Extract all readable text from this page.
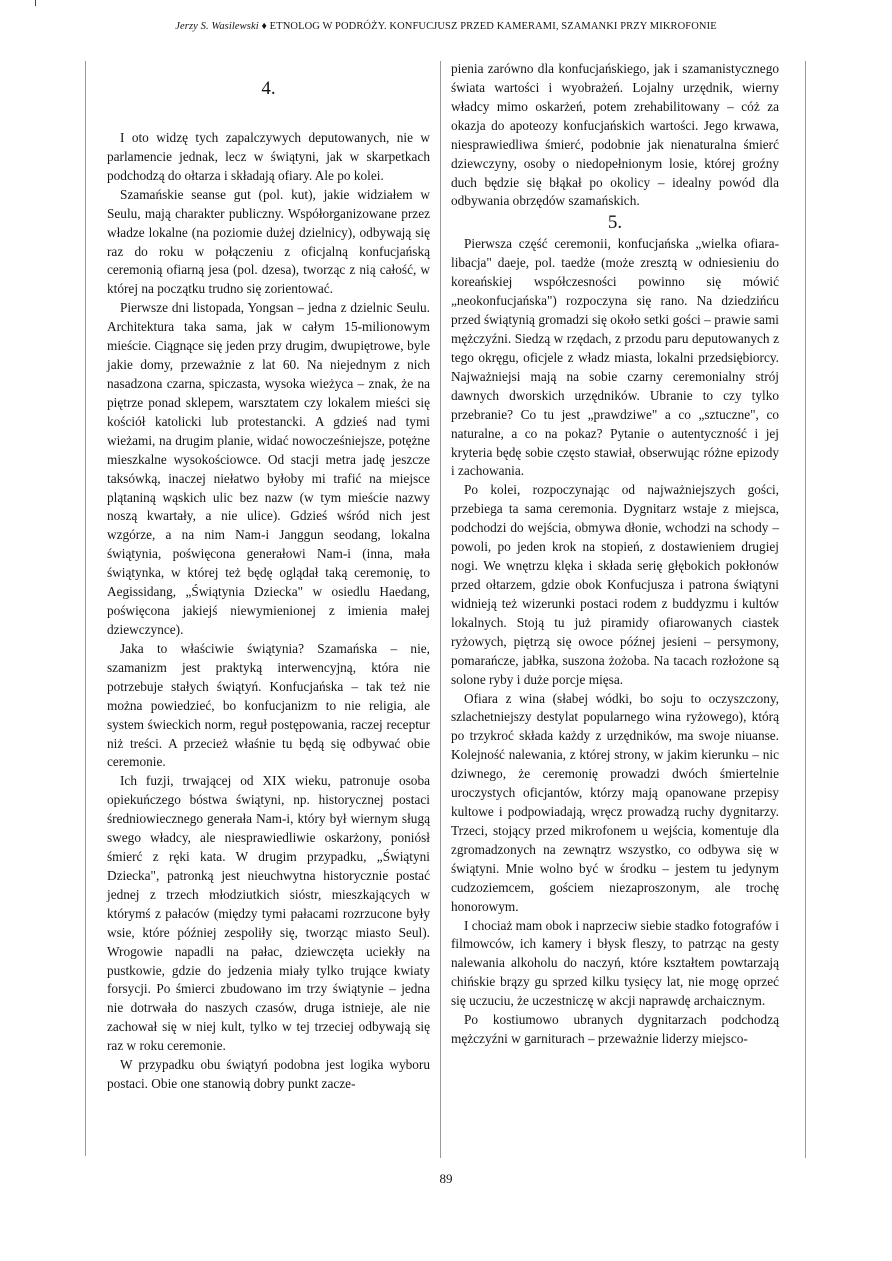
Jerzy S. Wasilewski ♦ ETNOLOG W PODRÓŻY. KONFUCJUSZ PRZED KAMERAMI, SZAMANKI PRZY MIKROFONIE

4.

I oto widzę tych zapalczywych deputowanych, nie w parlamencie jednak, lecz w świątyni, jak w skarpetkach podchodzą do ołtarza i składają ofiary. Ale po kolei.

Szamańskie seanse gut (pol. kut), jakie widziałem w Seulu, mają charakter publiczny. Współorganizowane przez władze lokalne (na poziomie dużej dzielnicy), odbywają się raz do roku w połączeniu z oficjalną konfucjańską ceremonią ofiarną jesa (pol. dzesa), tworząc z nią całość, w której na początku trudno się zorientować.

Pierwsze dni listopada, Yongsan – jedna z dzielnic Seulu. Architektura taka sama, jak w całym 15-milionowym mieście. Ciągnące się jeden przy drugim, dwupiętrowe, byle jakie domy, przeważnie z lat 60. Na niejednym z nich nasadzona czarna, spiczasta, wysoka wieżyca – znak, że na piętrze ponad sklepem, warsztatem czy lokalem mieści się kościół katolicki lub protestancki. A gdzieś nad tymi wieżami, na drugim planie, widać nowocześniejsze, potężne mieszkalne wysokościowce. Od stacji metra jadę jeszcze taksówką, inaczej niełatwo byłoby mi trafić na miejsce plątaniną wąskich ulic bez nazw (w tym mieście nazwy noszą kwartały, a nie ulice). Gdzieś wśród nich jest wzgórze, a na nim Nam-i Janggun seodang, lokalna świątynia, poświęcona generałowi Nam-i (inna, mała świątynka, w której też będę oglądał taką ceremonię, to Aegissidang, „Świątynia Dziecka" w osiedlu Haedang, poświęcona jakiejś niewymienionej z imienia małej dziewczynce).

Jaka to właściwie świątynia? Szamańska – nie, szamanizm jest praktyką interwencyjną, która nie potrzebuje stałych świątyń. Konfucjańska – tak też nie można powiedzieć, bo konfucjanizm to nie religia, ale system świeckich norm, reguł postępowania, raczej receptur niż treści. A przecież właśnie tu będą się odbywać obie ceremonie.

Ich fuzji, trwającej od XIX wieku, patronuje osoba opiekuńczego bóstwa świątyni, np. historycznej postaci średniowiecznego generała Nam-i, który był wiernym sługą swego władcy, ale niesprawiedliwie oskarżony, poniósł śmierć z ręki kata. W drugim przypadku, „Świątyni Dziecka", patronką jest nieuchwytna historycznie postać jednej z trzech młodziutkich sióstr, mieszkających w którymś z pałaców (między tymi pałacami rozrzucone były wsie, które później zespoliły się, tworząc miasto Seul). Wrogowie napadli na pałac, dziewczęta uciekły na pustkowie, gdzie do jedzenia miały tylko trujące kwiaty forsycji. Po śmierci zbudowano im trzy świątynie – jedna nie dotrwała do naszych czasów, druga istnieje, ale nie zachował się w niej kult, tylko w tej trzeciej odbywają się raz w roku ceremonie.

W przypadku obu świątyń podobna jest logika wyboru postaci. Obie one stanowią dobry punkt zacze-

pienia zarówno dla konfucjańskiego, jak i szamanistycznego świata wartości i wyobrażeń. Lojalny urzędnik, wierny władcy mimo oskarżeń, potem zrehabilitowany – cóż za okazja do apoteozy konfucjańskich wartości. Jego krwawa, niesprawiedliwa śmierć, podobnie jak nienaturalna śmierć dziewczyny, osoby o niedopełnionym losie, której groźny duch będzie się błąkał po okolicy – idealny powód dla odbywania obrzędów szamańskich.

5.

Pierwsza część ceremonii, konfucjańska „wielka ofiara-libacja" daeje, pol. taedże (może zresztą w odniesieniu do koreańskiej współczesności powinno się mówić „neokonfucjańska") rozpoczyna się rano. Na dziedzińcu przed świątynią gromadzi się około setki gości – prawie sami mężczyźni. Siedzą w rzędach, z przodu paru deputowanych z tego okręgu, oficjele z władz miasta, lokalni przedsiębiorcy. Najważniejsi mają na sobie czarny ceremonialny strój dawnych dworskich urzędników. Ubranie to czy tylko przebranie? Co tu jest „prawdziwe" a co „sztuczne", co naturalne, a co na pokaz? Pytanie o autentyczność i jej kryteria będę sobie często stawiał, obserwując różne epizody i zachowania.

Po kolei, rozpoczynając od najważniejszych gości, przebiega ta sama ceremonia. Dygnitarz wstaje z miejsca, podchodzi do wejścia, obmywa dłonie, wchodzi na schody – powoli, po jeden krok na stopień, z dostawieniem drugiej nogi. We wnętrzu klęka i składa serię głębokich pokłonów przed ołtarzem, gdzie obok Konfucjusza i patrona świątyni widnieją też wizerunki postaci rodem z buddyzmu i kultów lokalnych. Stoją tu już piramidy ofiarowanych ciastek ryżowych, piętrzą się owoce późnej jesieni – persymony, pomarańcze, jabłka, suszona żożoba. Na tacach rozłożone są solone ryby i duże porcje mięsa.

Ofiara z wina (słabej wódki, bo soju to oczyszczony, szlachetniejszy destylat popularnego wina ryżowego), którą po trzykroć składa każdy z urzędników, ma swoje niuanse. Kolejność nalewania, z której strony, w jakim kierunku – nic dziwnego, że ceremonię prowadzi dwóch śmiertelnie uroczystych oficjantów, którzy mają opanowane przepisy kultowe i podpowiadają, wręcz prowadzą ruchy dygnitarzy. Trzeci, stojący przed mikrofonem u wejścia, komentuje dla zgromadzonych na zewnątrz wszystko, co odbywa się w świątyni. Mnie wolno być w środku – jestem tu jedynym cudzoziemcem, gościem niezaproszonym, ale trochę honorowym.

I chociaż mam obok i naprzeciw siebie stadko fotografów i filmowców, ich kamery i błysk fleszy, to patrząc na gesty nalewania alkoholu do naczyń, które kształtem powtarzają chińskie brązy gu sprzed kilku tysięcy lat, nie mogę oprzeć się uczuciu, że uczestniczę w akcji naprawdę archaicznym.

Po kostiumowo ubranych dygnitarzach podchodzą mężczyźni w garniturach – przeważnie liderzy miejsco-

89
